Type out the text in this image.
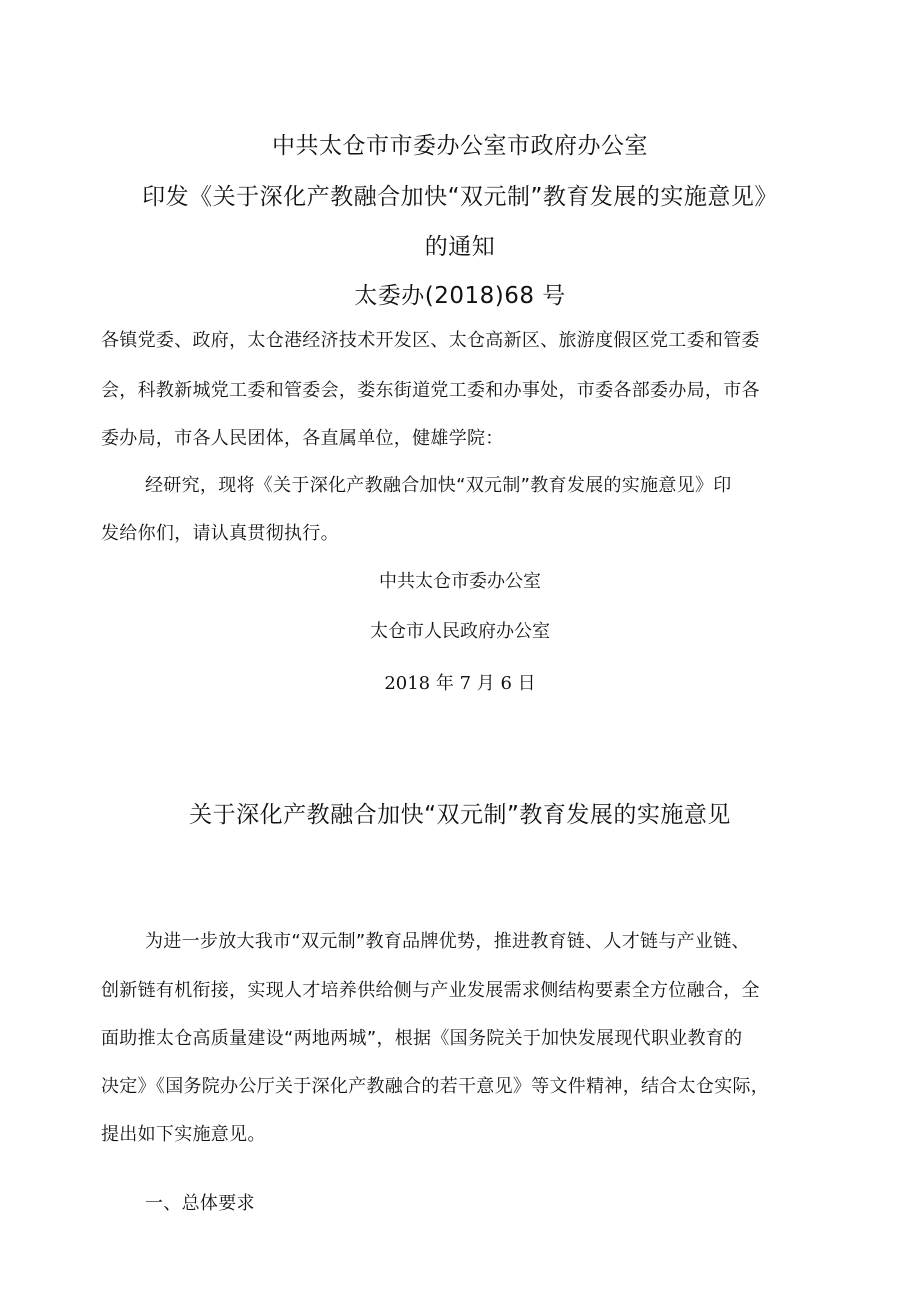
中共太仓市市委办公室市政府办公室
印发《关于深化产教融合加快“双元制”教育发展的实施意见》
的通知
太委办(2018)68 号
各镇党委、政府，太仓港经济技术开发区、太仓高新区、旅游度假区党工委和管委
会，科教新城党工委和管委会，娄东街道党工委和办事处，市委各部委办局，市各
委办局，市各人民团体，各直属单位，健雄学院：
经研究，现将《关于深化产教融合加快“双元制”教育发展的实施意见》印
发给你们，请认真贯彻执行。
中共太仓市委办公室
太仓市人民政府办公室
2018 年 7 月 6 日
关于深化产教融合加快“双元制”教育发展的实施意见
为进一步放大我市“双元制”教育品牌优势，推进教育链、人才链与产业链、
创新链有机衔接，实现人才培养供给侧与产业发展需求侧结构要素全方位融合，全
面助推太仓高质量建设“两地两城”，根据《国务院关于加快发展现代职业教育的
决定》《国务院办公厅关于深化产教融合的若干意见》等文件精神，结合太仓实际，
提出如下实施意见。
一、总体要求
